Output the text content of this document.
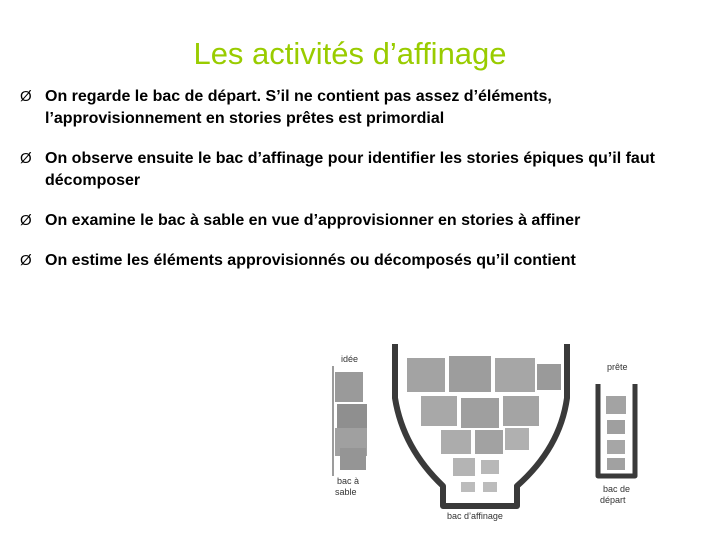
Les activités d’affinage
Ø On regarde le bac de départ. S’il ne contient pas assez d’éléments, l’approvisionnement en stories prêtes est primordial
Ø On observe ensuite le bac d’affinage pour identifier les stories épiques qu’il faut décomposer
Ø On examine le bac à sable en vue d’approvisionner en stories à affiner
Ø On estime les éléments approvisionnés ou décomposés qu’il contient
idée
bac à
sable
bac d’affinage
prête
bac de
départ
